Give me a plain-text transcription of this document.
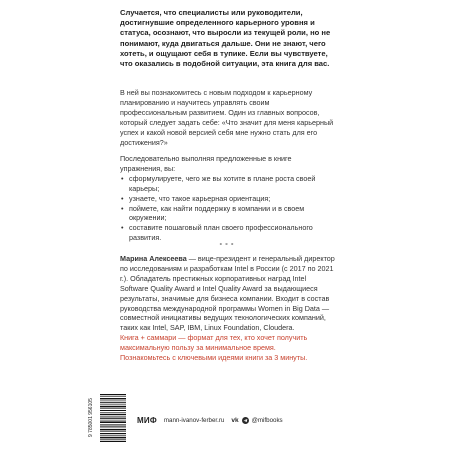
Случается, что специалисты или руководители, достигнувшие определенного карьерного уровня и статуса, осознают, что выросли из текущей роли, но не понимают, куда двигаться дальше. Они не знают, чего хотеть, и ощущают себя в тупике. Если вы чувствуете, что оказались в подобной ситуации, эта книга для вас.

В ней вы познакомитесь с новым подходом к карьерному планированию и научитесь управлять своим профессиональным развитием. Один из главных вопросов, который следует задать себе: «Что значит для меня карьерный успех и какой новой версией себя мне нужно стать для его достижения?»

Последовательно выполняя предложенные в книге упражнения, вы:

• сформулируете, чего же вы хотите в плане роста своей карьеры;
• узнаете, что такое карьерная ориентация;
• поймете, как найти поддержку в компании и в своем окружении;
• составите пошаговый план своего профессионального развития.
∘∘∘

Марина Алексеева — вице-президент и генеральный директор по исследованиям и разработкам Intel в России (с 2017 по 2021 г.). Обладатель престижных корпоративных наград Intel Software Quality Award и Intel Quality Award за выдающиеся результаты, значимые для бизнеса компании. Входит в состав руководства международной программы Women in Big Data — совместной инициативы ведущих технологических компаний, таких как Intel, SAP, IBM, Linux Foundation, Cloudera.

Книга + саммари — формат для тех, кто хочет получить максимальную пользу за минимальное время.

Познакомьтесь с ключевыми идеями книги за 3 минуты.

9 785001 956105	МИФ mann-ivanov-ferber.ru vk @mifbooks
